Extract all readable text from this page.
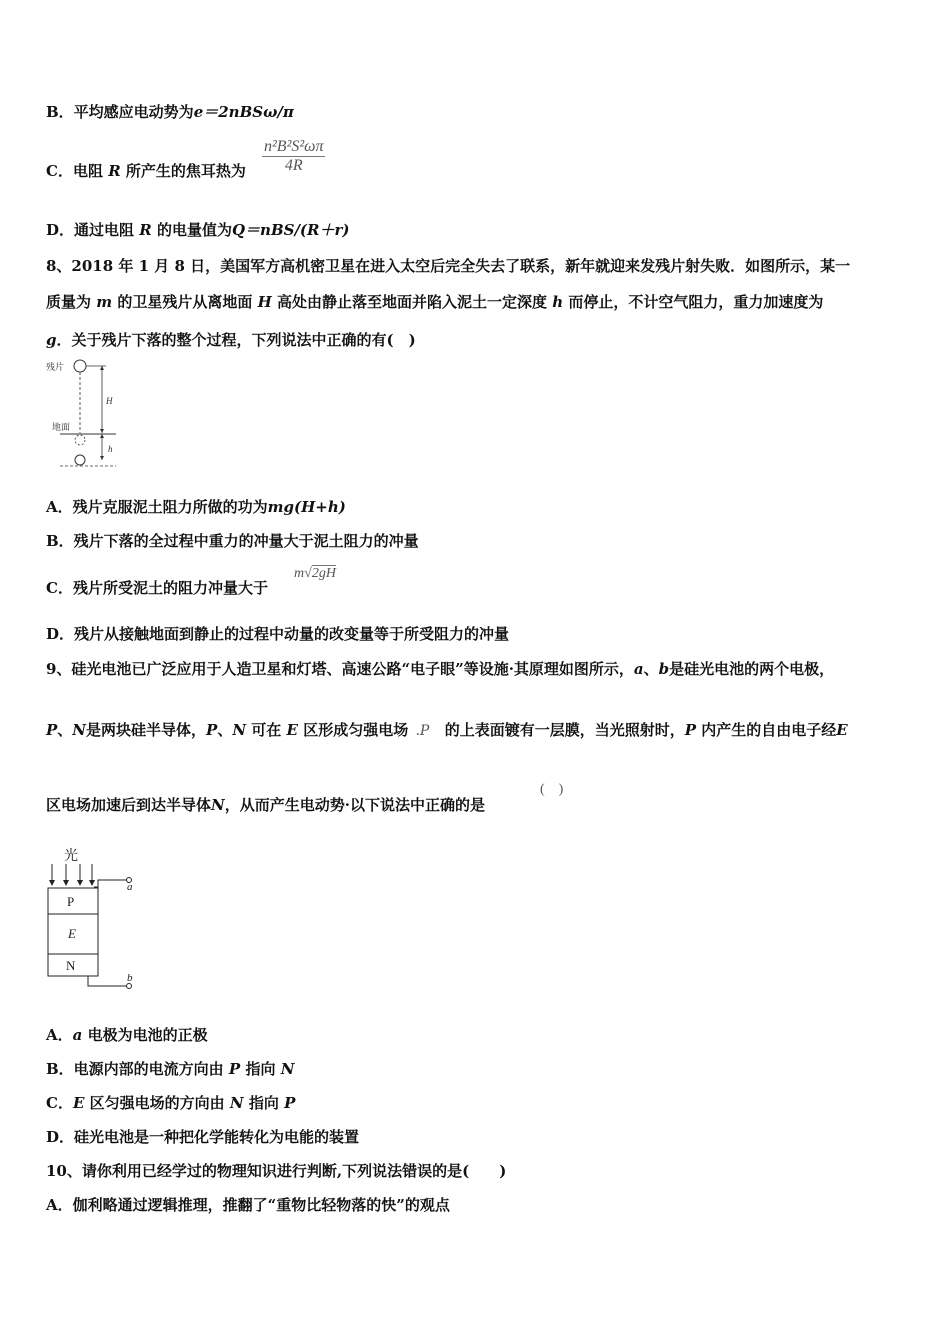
B．平均感应电动势为e＝2nBSω/π
C．电阻 R 所产生的焦耳热为 $\frac{\text{n²B²S²ωπ}}{4R}$
D．通过电阻 R 的电量值为Q＝nBS/(R＋r)
8、2018 年 1 月 8 日，美国军方高机密卫星在进入太空后完全失去了联系，新年就迎来发残片射失败．如图所示，某一
质量为 m 的卫星残片从离地面 H 高处由静止落至地面并陷入泥土一定深度 h 而停止，不计空气阻力，重力加速度为
g．关于残片下落的整个过程，下列说法中正确的有(　)
残片
H
地面
h
A．残片克服泥土阻力所做的功为mg(H+h)
B．残片下落的全过程中重力的冲量大于泥土阻力的冲量
C．残片所受泥土的阻力冲量大于
m√2gH
D．残片从接触地面到静止的过程中动量的改变量等于所受阻力的冲量
9、硅光电池已广泛应用于人造卫星和灯塔、高速公路“电子眼”等设施·其原理如图所示，a、b是硅光电池的两个电极，
P、N是两块硅半导体，P、N 可在 E 区形成匀强电场 .P 的上表面镀有一层膜，当光照射时，P 内产生的自由电子经E
区电场加速后到达半导体N，从而产生电动势·以下说法中正确的是
(    )
光
a
P
E
N
b
A．a 电极为电池的正极
B．电源内部的电流方向由 P 指向 N
C．E 区匀强电场的方向由 N 指向 P
D．硅光电池是一种把化学能转化为电能的装置
10、请你利用已经学过的物理知识进行判断,下列说法错误的是(　　)
A．伽利略通过逻辑推理，推翻了“重物比轻物落的快”的观点
